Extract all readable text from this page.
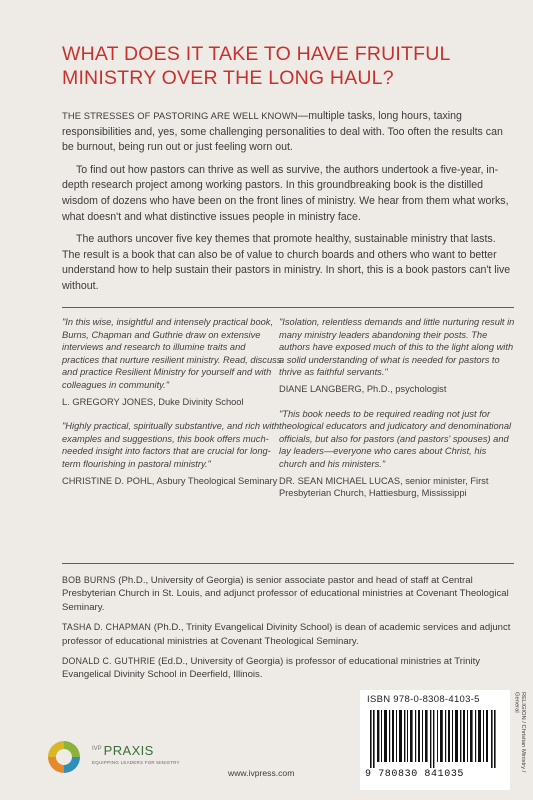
WHAT DOES IT TAKE TO HAVE FRUITFUL
MINISTRY OVER THE LONG HAUL?

THE STRESSES OF PASTORING ARE WELL KNOWN—multiple tasks, long hours, taxing responsibilities and, yes, some challenging personalities to deal with. Too often the results can be burnout, being run out or just feeling worn out.

To find out how pastors can thrive as well as survive, the authors undertook a five-year, in-depth research project among working pastors. In this groundbreaking book is the distilled wisdom of dozens who have been on the front lines of ministry. We hear from them what works, what doesn't and what distinctive issues people in ministry face.

The authors uncover five key themes that promote healthy, sustainable ministry that lasts. The result is a book that can also be of value to church boards and others who want to better understand how to help sustain their pastors in ministry. In short, this is a book pastors can't live without.

"In this wise, insightful and intensely practical book, Burns, Chapman and Guthrie draw on extensive interviews and research to illumine traits and practices that nurture resilient ministry. Read, discuss and practice Resilient Ministry for yourself and with colleagues in community."

L. GREGORY JONES, Duke Divinity School

"Highly practical, spiritually substantive, and rich with examples and suggestions, this book offers much-needed insight into factors that are crucial for long-term flourishing in pastoral ministry."

CHRISTINE D. POHL, Asbury Theological Seminary

"Isolation, relentless demands and little nurturing result in many ministry leaders abandoning their posts. The authors have exposed much of this to the light along with a solid understanding of what is needed for pastors to thrive as faithful servants."

DIANE LANGBERG, Ph.D., psychologist

"This book needs to be required reading not just for theological educators and judicatory and denominational officials, but also for pastors (and pastors' spouses) and lay leaders—everyone who cares about Christ, his church and his ministers."

DR. SEAN MICHAEL LUCAS, senior minister, First Presbyterian Church, Hattiesburg, Mississippi

BOB BURNS (Ph.D., University of Georgia) is senior associate pastor and head of staff at Central Presbyterian Church in St. Louis, and adjunct professor of educational ministries at Covenant Theological Seminary.

TASHA D. CHAPMAN (Ph.D., Trinity Evangelical Divinity School) is dean of academic services and adjunct professor of educational ministries at Covenant Theological Seminary.

DONALD C. GUTHRIE (Ed.D., University of Georgia) is professor of educational ministries at Trinity Evangelical Divinity School in Deerfield, Illinois.

$^{IVP}$ PRAXIS
EQUIPPING LEADERS FOR MINISTRY
www.ivpress.com
ISBN 978-0-8308-4103-5
9 780830 841035
RELIGION / Christian Ministry / General
